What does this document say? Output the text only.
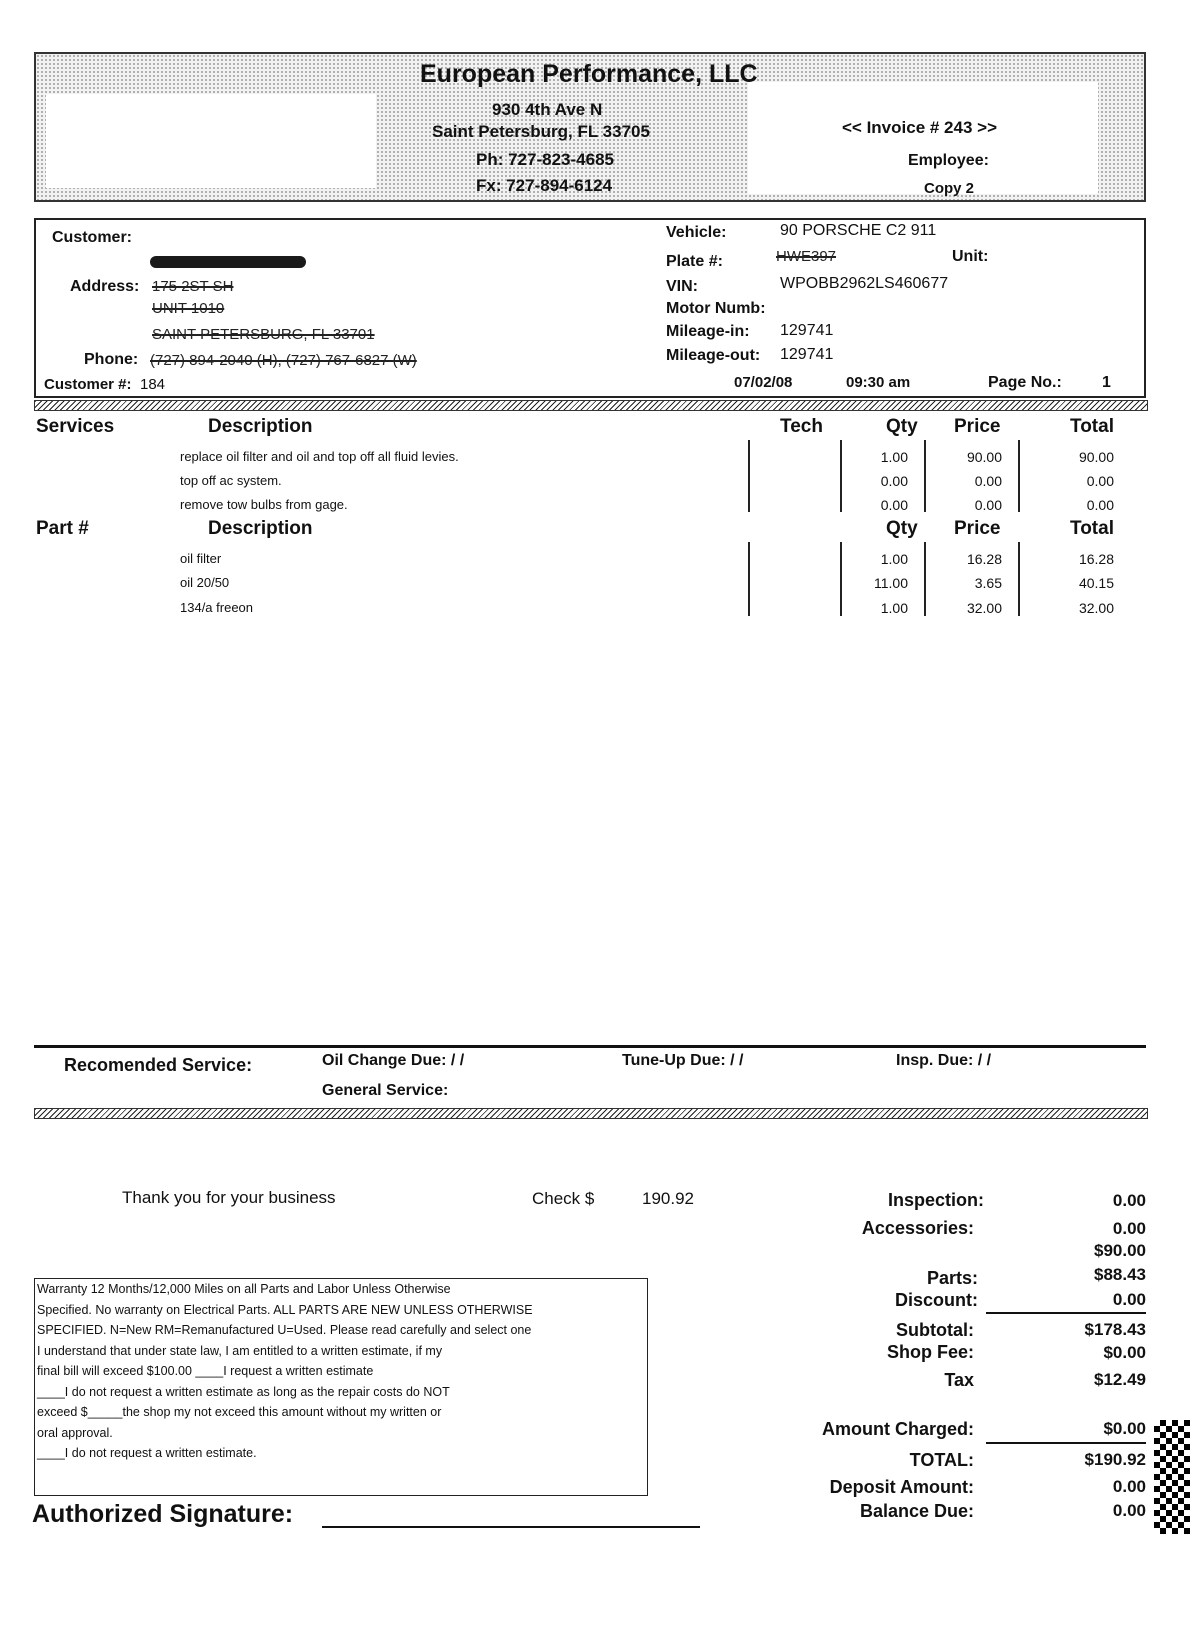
European Performance, LLC
930 4th Ave N
Saint Petersburg, FL 33705
Ph: 727-823-4685
Fx: 727-894-6124
<< Invoice # 243 >>
Employee:
Copy 2
Customer:
Address: 175 2ST SH
UNIT 1010
SAINT PETERSBURG, FL 33701
Phone: (727) 894-2040 (H), (727) 767-6827 (W)
Customer #: 184
Vehicle:	90 PORSCHE C2 911
Plate #:	HWE397	Unit:
VIN:	WPOBB2962LS460677
Motor Numb:
Mileage-in: 129741
Mileage-out: 129741
07/02/08	09:30 am	Page No.:	1
Services	Description	Tech	Qty Price	Total
replace oil filter and oil and top off all fluid levies.	1.00	90.00	90.00
top off ac system.	0.00	0.00	0.00
remove tow bulbs from gage.	0.00	0.00	0.00
Part #	Description	Qty Price	Total
oil filter	1.00	16.28	16.28
oil 20/50	11.00	3.65	40.15
134/a freeon	1.00	32.00	32.00
Recomended Service:	Oil Change Due: / /	Tune-Up Due: / /	Insp. Due: / /
General Service:
Thank you for your business	Check $	190.92	Inspection:	0.00
Accessories:	0.00
$90.00
Parts:	$88.43
Discount:	0.00
Subtotal:	$178.43
Shop Fee:	$0.00
Tax	$12.49
Amount Charged:	$0.00
TOTAL:	$190.92
Deposit Amount:	0.00
Balance Due:	0.00
Warranty 12 Months/12,000 Miles on all Parts and Labor Unless Otherwise
Specified. No warranty on Electrical Parts. ALL PARTS ARE NEW UNLESS OTHERWISE
SPECIFIED. N=New RM=Remanufactured U=Used. Please read carefully and select one
I understand that under state law, I am entitled to a written estimate, if my
final bill will exceed $100.00 ____I request a written estimate
____I do not request a written estimate as long as the repair costs do NOT
exceed $_____the shop my not exceed this amount without my written or
oral approval.
____I do not request a written estimate.
Authorized Signature:
